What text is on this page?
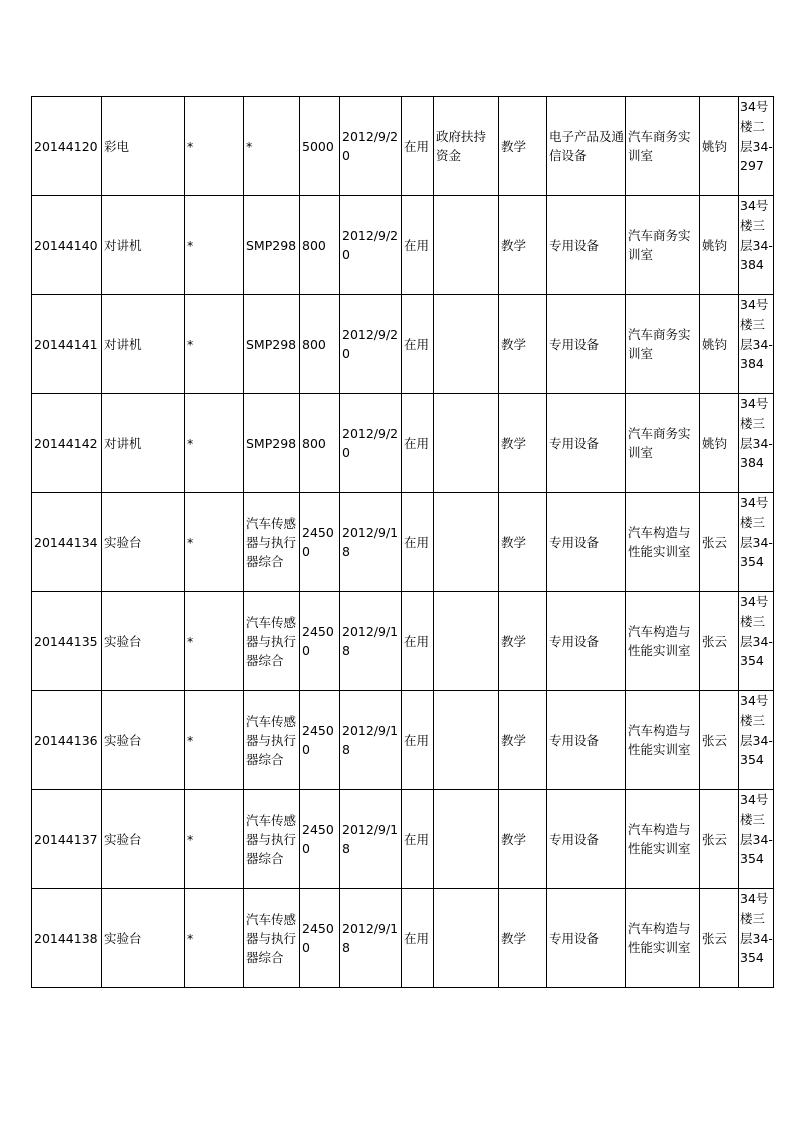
20144120	彩电	*	*	5000	2012/9/20	在用	政府扶持资金	教学	电子产品及通信设备	汽车商务实训室	姚钧	34号楼二层34-297

20144140	对讲机	*	SMP298	800	2012/9/20	在用		教学	专用设备	汽车商务实训室	姚钧	34号楼三层34-384

20144141	对讲机	*	SMP298	800	2012/9/20	在用		教学	专用设备	汽车商务实训室	姚钧	34号楼三层34-384

20144142	对讲机	*	SMP298	800	2012/9/20	在用		教学	专用设备	汽车商务实训室	姚钧	34号楼三层34-384

20144134	实验台	*	汽车传感器与执行器综合	24500	2012/9/18	在用		教学	专用设备	汽车构造与性能实训室	张云	34号楼三层34-354

20144135	实验台	*	汽车传感器与执行器综合	24500	2012/9/18	在用		教学	专用设备	汽车构造与性能实训室	张云	34号楼三层34-354

20144136	实验台	*	汽车传感器与执行器综合	24500	2012/9/18	在用		教学	专用设备	汽车构造与性能实训室	张云	34号楼三层34-354

20144137	实验台	*	汽车传感器与执行器综合	24500	2012/9/18	在用		教学	专用设备	汽车构造与性能实训室	张云	34号楼三层34-354

20144138	实验台	*	汽车传感器与执行器综合	24500	2012/9/18	在用		教学	专用设备	汽车构造与性能实训室	张云	34号楼三层34-354
